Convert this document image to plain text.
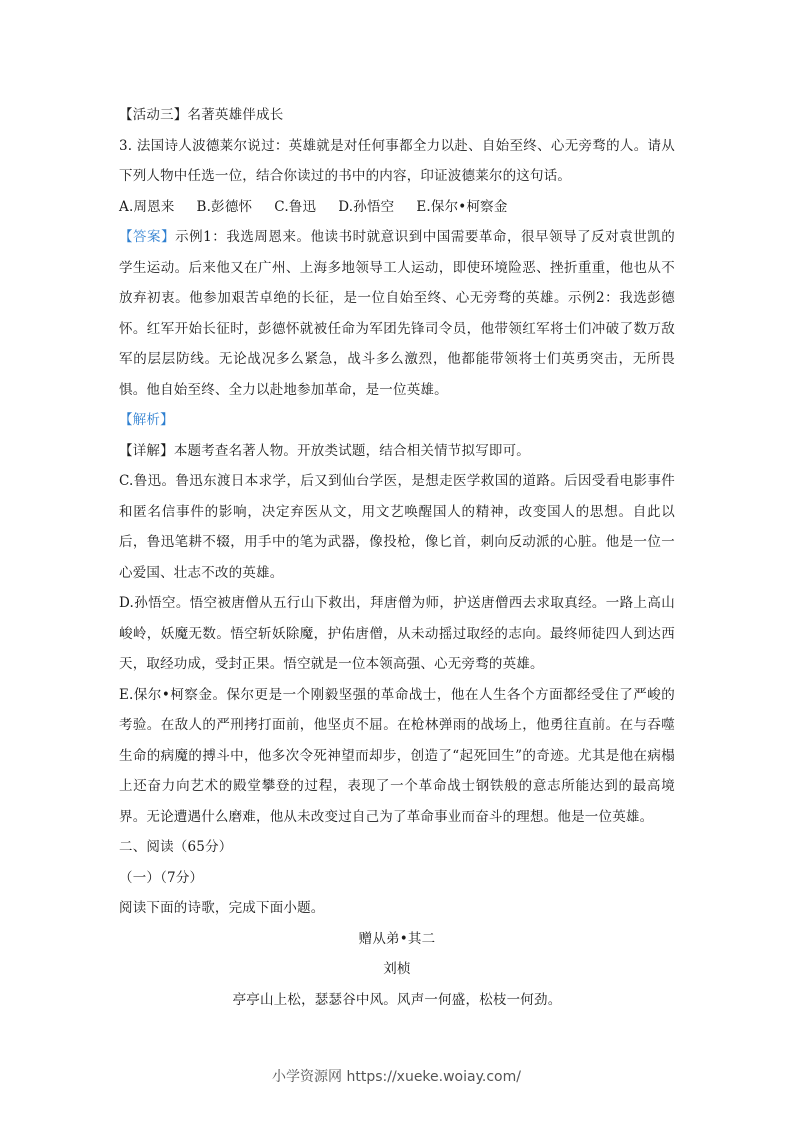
【活动三】名著英雄伴成长

3. 法国诗人波德莱尔说过：英雄就是对任何事都全力以赴、自始至终、心无旁骛的人。请从下列人物中任选一位，结合你读过的书中的内容，印证波德莱尔的这句话。

A.周恩来 B.彭德怀 C.鲁迅 D.孙悟空 E.保尔•柯察金

【答案】示例1：我选周恩来。他读书时就意识到中国需要革命，很早领导了反对袁世凯的学生运动。后来他又在广州、上海多地领导工人运动，即使环境险恶、挫折重重，他也从不放弃初衷。他参加艰苦卓绝的长征，是一位自始至终、心无旁骛的英雄。示例2：我选彭德怀。红军开始长征时，彭德怀就被任命为军团先锋司令员，他带领红军将士们冲破了数万敌军的层层防线。无论战况多么紧急，战斗多么激烈，他都能带领将士们英勇突击，无所畏惧。他自始至终、全力以赴地参加革命，是一位英雄。

【解析】

【详解】本题考查名著人物。开放类试题，结合相关情节拟写即可。

C.鲁迅。鲁迅东渡日本求学，后又到仙台学医，是想走医学救国的道路。后因受看电影事件和匿名信事件的影响，决定弃医从文，用文艺唤醒国人的精神，改变国人的思想。自此以后，鲁迅笔耕不辍，用手中的笔为武器，像投枪，像匕首，刺向反动派的心脏。他是一位一心爱国、壮志不改的英雄。

D.孙悟空。悟空被唐僧从五行山下救出，拜唐僧为师，护送唐僧西去求取真经。一路上高山峻岭，妖魔无数。悟空斩妖除魔，护佑唐僧，从未动摇过取经的志向。最终师徒四人到达西天，取经功成，受封正果。悟空就是一位本领高强、心无旁骛的英雄。

E.保尔•柯察金。保尔更是一个刚毅坚强的革命战士，他在人生各个方面都经受住了严峻的考验。在敌人的严刑拷打面前，他坚贞不屈。在枪林弹雨的战场上，他勇往直前。在与吞噬生命的病魔的搏斗中，他多次令死神望而却步，创造了“起死回生”的奇迹。尤其是他在病榻上还奋力向艺术的殿堂攀登的过程，表现了一个革命战士钢铁般的意志所能达到的最高境界。无论遭遇什么磨难，他从未改变过自己为了革命事业而奋斗的理想。他是一位英雄。

二、阅读（65分）

（一）（7分）

阅读下面的诗歌，完成下面小题。

赠从弟•其二

刘桢

亭亭山上松，瑟瑟谷中风。风声一何盛，松枝一何劲。

小学资源网 https://xueke.woiay.com/
